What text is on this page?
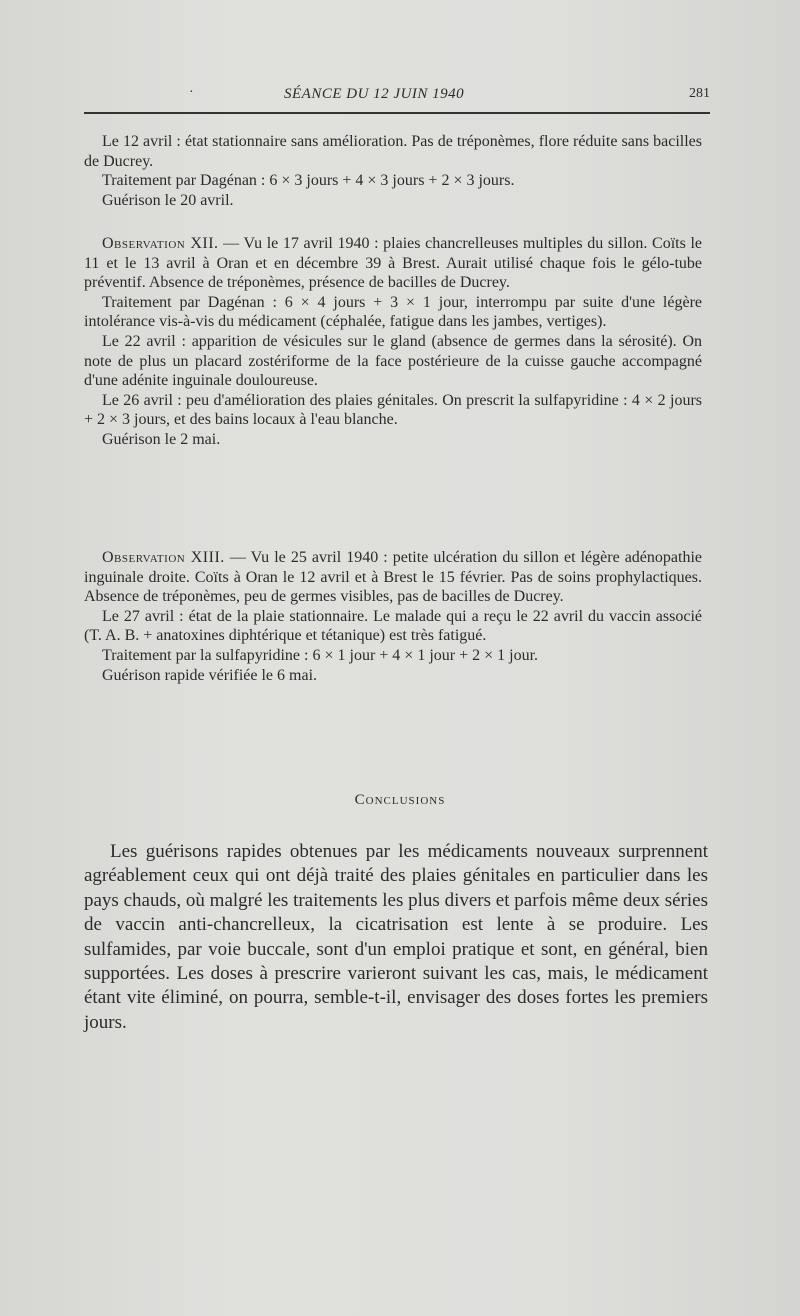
·	SÉANCE DU 12 JUIN 1940	281

Le 12 avril : état stationnaire sans amélioration. Pas de tréponèmes, flore réduite sans bacilles de Ducrey.

Traitement par Dagénan : 6 × 3 jours + 4 × 3 jours + 2 × 3 jours.

Guérison le 20 avril.

Observation XII. — Vu le 17 avril 1940 : plaies chancrelleuses multiples du sillon. Coïts le 11 et le 13 avril à Oran et en décembre 39 à Brest. Aurait utilisé chaque fois le gélo-tube préventif. Absence de tréponèmes, présence de bacilles de Ducrey.

Traitement par Dagénan : 6 × 4 jours + 3 × 1 jour, interrompu par suite d'une légère intolérance vis-à-vis du médicament (céphalée, fatigue dans les jambes, vertiges).

Le 22 avril : apparition de vésicules sur le gland (absence de germes dans la sérosité). On note de plus un placard zostériforme de la face postérieure de la cuisse gauche accompagné d'une adénite inguinale douloureuse.

Le 26 avril : peu d'amélioration des plaies génitales. On prescrit la sulfapyridine : 4 × 2 jours + 2 × 3 jours, et des bains locaux à l'eau blanche.

Guérison le 2 mai.

Observation XIII. — Vu le 25 avril 1940 : petite ulcération du sillon et légère adénopathie inguinale droite. Coïts à Oran le 12 avril et à Brest le 15 février. Pas de soins prophylactiques. Absence de tréponèmes, peu de germes visibles, pas de bacilles de Ducrey.

Le 27 avril : état de la plaie stationnaire. Le malade qui a reçu le 22 avril du vaccin associé (T. A. B. + anatoxines diphtérique et tétanique) est très fatigué.

Traitement par la sulfapyridine : 6 × 1 jour + 4 × 1 jour + 2 × 1 jour.

Guérison rapide vérifiée le 6 mai.

Conclusions

Les guérisons rapides obtenues par les médicaments nouveaux surprennent agréablement ceux qui ont déjà traité des plaies génitales en particulier dans les pays chauds, où malgré les traitements les plus divers et parfois même deux séries de vaccin anti-chancrelleux, la cicatrisation est lente à se produire. Les sulfamides, par voie buccale, sont d'un emploi pratique et sont, en général, bien supportées. Les doses à prescrire varieront suivant les cas, mais, le médicament étant vite éliminé, on pourra, semble-t-il, envisager des doses fortes les premiers jours.
